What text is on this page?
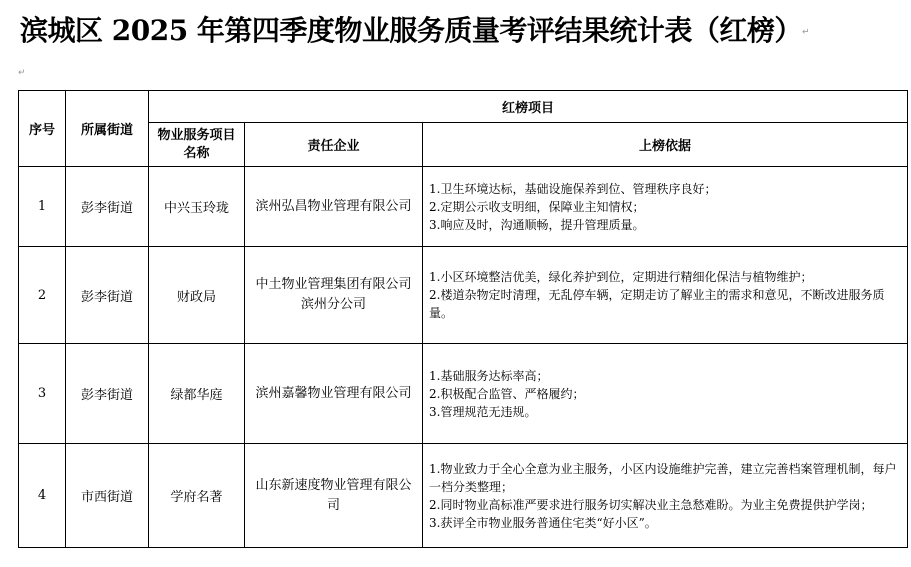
滨城区 2025 年第四季度物业服务质量考评结果统计表（红榜）↵
↵
序号	所属街道	红榜项目		
		物业服务项目名称	责任企业	上榜依据
1	彭李街道	中兴玉玲珑	滨州弘昌物业管理有限公司	1.卫生环境达标，基础设施保养到位、管理秩序良好；
2.定期公示收支明细，保障业主知情权；
3.响应及时，沟通顺畅，提升管理质量。

2	彭李街道	财政局	中土物业管理集团有限公司滨州分公司	1.小区环境整洁优美，绿化养护到位，定期进行精细化保洁与植物维护；
2.楼道杂物定时清理，无乱停车辆，定期走访了解业主的需求和意见，不断改进服务质量。

3	彭李街道	绿都华庭	滨州嘉馨物业管理有限公司	1.基础服务达标率高；
2.积极配合监管、严格履约；
3.管理规范无违规。

4	市西街道	学府名著	山东新速度物业管理有限公司	1.物业致力于全心全意为业主服务，小区内设施维护完善，建立完善档案管理机制，每户一档分类整理；
2.同时物业高标准严要求进行服务切实解决业主急愁难盼。为业主免费提供护学岗；
3.获评全市物业服务普通住宅类“好小区”。
